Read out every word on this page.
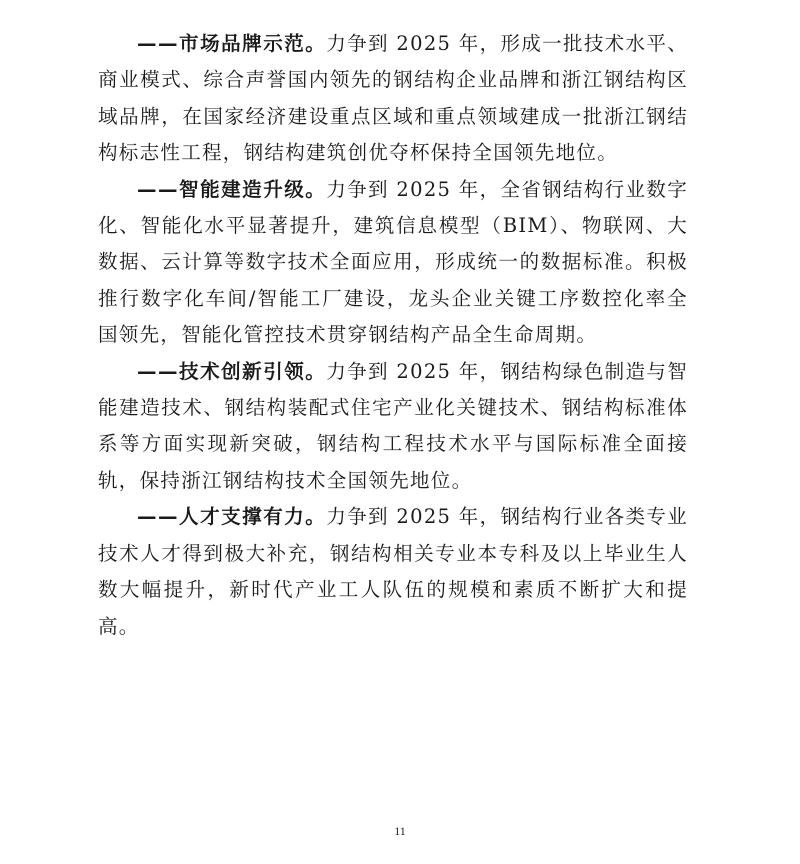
——市场品牌示范。力争到 2025 年，形成一批技术水平、商业模式、综合声誉国内领先的钢结构企业品牌和浙江钢结构区域品牌，在国家经济建设重点区域和重点领域建成一批浙江钢结构标志性工程，钢结构建筑创优夺杯保持全国领先地位。

——智能建造升级。力争到 2025 年，全省钢结构行业数字化、智能化水平显著提升，建筑信息模型（BIM）、物联网、大数据、云计算等数字技术全面应用，形成统一的数据标准。积极推行数字化车间/智能工厂建设，龙头企业关键工序数控化率全国领先，智能化管控技术贯穿钢结构产品全生命周期。

——技术创新引领。力争到 2025 年，钢结构绿色制造与智能建造技术、钢结构装配式住宅产业化关键技术、钢结构标准体系等方面实现新突破，钢结构工程技术水平与国际标准全面接轨，保持浙江钢结构技术全国领先地位。

——人才支撑有力。力争到 2025 年，钢结构行业各类专业技术人才得到极大补充，钢结构相关专业本专科及以上毕业生人数大幅提升，新时代产业工人队伍的规模和素质不断扩大和提高。

11
